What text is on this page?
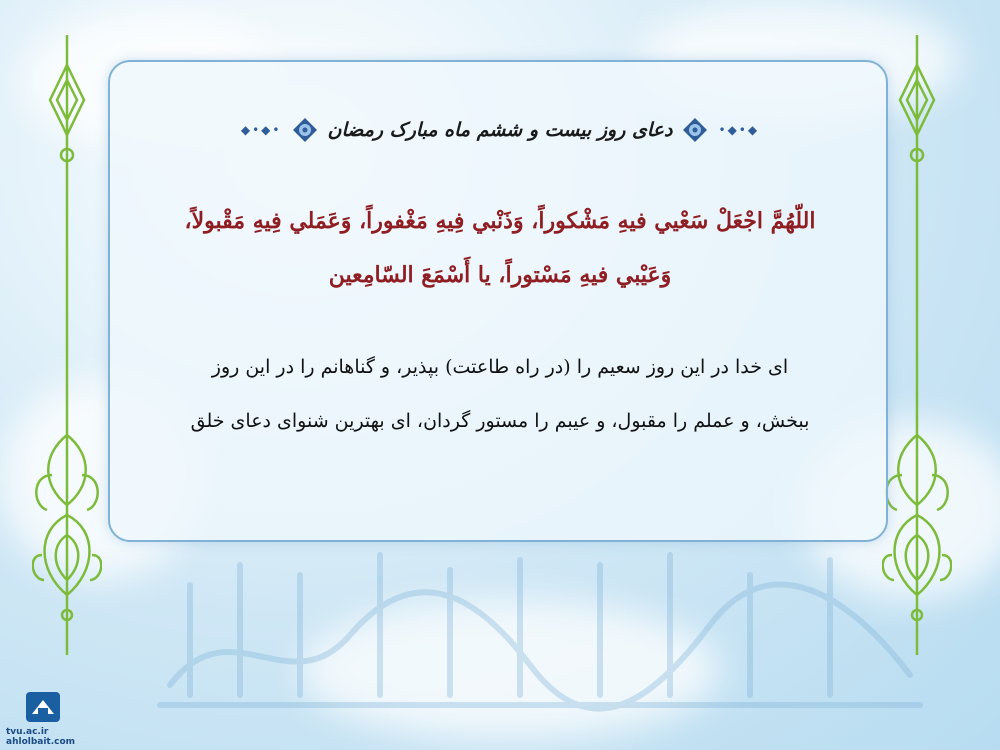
◆•◆• دعای روز بیست و ششم ماه مبارک رمضان	•◆•◆
اللّهُمَّ اجْعَلْ سَعْيي فيهِ مَشْكوراً، وَذَنْبي فِيهِ مَغْفوراً، وَعَمَلي فِيهِ مَقْبولاً،
وَعَيْبي فيهِ مَسْتوراً، يا أَسْمَعَ السّامِعين
ای خدا در این روز سعیم را (در راه طاعتت) بپذیر، و گناهانم را در این روز
ببخش، و عملم را مقبول، و عیبم را مستور گردان، ای بهترین شنوای دعای خلق
tvu.ac.ir
ahlolbait.com
